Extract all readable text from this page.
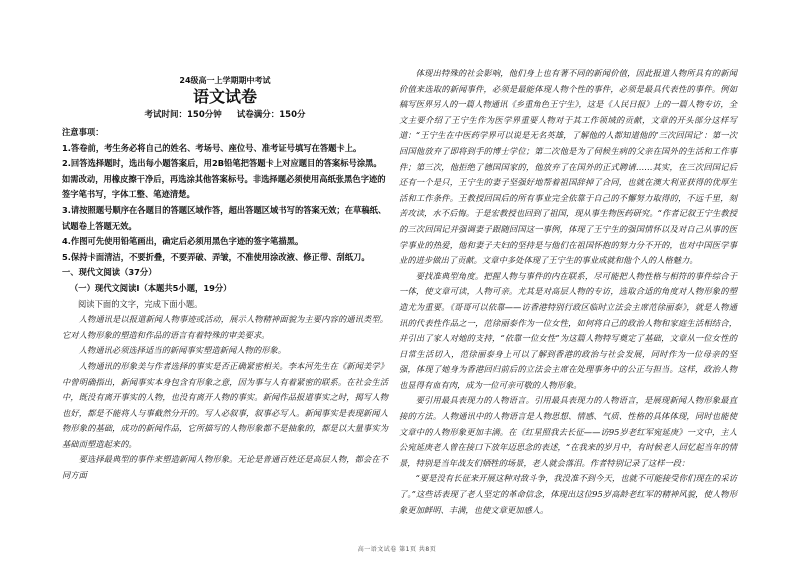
24级高一上学期期中考试
语文试卷
考试时间：150分钟 试卷满分：150分
注意事项：
1.答卷前，考生务必将自己的姓名、考场号、座位号、准考证号填写在答题卡上。
2.回答选择题时，选出每小题答案后，用2B铅笔把答题卡上对应题目的答案标号涂黑。如需改动，用橡皮擦干净后，再选涂其他答案标号。非选择题必须使用高纸张黑色字迹的签字笔书写，字体工整、笔迹清楚。
3.请按照题号顺序在各题目的答题区域作答，超出答题区域书写的答案无效；在草稿纸、试题卷上答题无效。
4.作图可先使用铅笔画出，确定后必须用黑色字迹的签字笔描黑。
5.保持卡面清洁，不要折叠，不要弄破、弄皱，不准使用涂改液、修正带、刮纸刀。
一、现代文阅读（37分）
（一）现代文阅读Ⅰ（本题共5小题，19分）
阅读下面的文字，完成下面小题。

人物通讯是以报道新闻人物事迹或活动，展示人物精神面貌为主要内容的通讯类型。它对人物形象的塑造和作品的语言有着特殊的审美要求。

人物通讯必须选择适当的新闻事实塑造新闻人物的形象。

人物通讯的形象美与作者选择的事实是否正确紧密相关。李本河先生在《新闻美学》中曾明确指出，新闻事实本身包含有形象之意，因为事与人有着紧密的联系。在社会生活中，既没有离开事实的人物，也没有离开人物的事实。新闻作品报道事实之时，揭写人物也好，都是不能将人与事截然分开的。写人必叙事，叙事必写人。新闻事实是表现新闻人物形象的基础，成功的新闻作品，它所描写的人物形象都不是抽象的，都是以大量事实为基础而塑造起来的。

要选择最典型的事件来塑造新闻人物形象。无论是普通百姓还是高层人物，都会在不同方面

体现出特殊的社会影响，他们身上也有著不同的新闻价值，因此报道人物所具有的新闻价值来选取的新闻事件，必须是最能体现人物个性的事件，必须是最具代表性的事件。例如稿写医界另人的一篇人物通讯《乡重角色王宁生》，这是《人民日报》上的一篇人物专访，全文主要介绍了王宁生作为医学界重要人物对于其工作领域的贡献，文章的开头部分这样写道：“王宁生在中医药学界可以说是无名英雄，了解他的人都知道他的‘三次回国记’：第一次回国他放弃了即将到手的博士学位；第二次他是为了伺候生病的父亲在国外的生活和工作事件；第三次，他拒绝了德国国家的，他放弃了在国外的正式聘请……其实，在三次回国记后还有一个是只，王宁生的妻子坚强好地帮着祖国辞掉了合同，也就在澳大利亚获得的优厚生活和工作条件。王教授回国后的所有事业完全依靠于自己的不懈努力取得的，不远千里，刻苦攻读，水不后悔。于是宏教授也回到了祖国，现从事生物医药研究。“作者记叙王宁生教授的三次回国记并强调妻子跟随回国这一事例，体现了王宁生的强国情怀以及对自己从事的医学事业的热爱，他和妻子夫妇的坚持是与他们在祖国怀抱的努力分不开的，也对中国医学事业的进步做出了贡献。文章中多处体现了王宁生的事业成就和他个人的人格魅力。

要找准典型角度。把握人物与事件的内在联系，尽可能把人物性格与相符的事件综合于一体，使文章可读，人物可亲。尤其是对高层人物的专访，选取合适的角度对人物形象的塑造尤为重要。《哥哥可以依靠——访香港特别行政区临时立法会主席范徐丽泰》，就是人物通讯的代表性作品之一，范徐丽泰作为一位女性，如何将自己的政治人物和家庭生活相结合，并引出了家人对她的支持，“依靠一位女性”为这篇人物特写奠定了基础，文章从一位女性的日常生活切入，范徐丽泰身上可以了解到香港的政治与社会发展，同时作为一位母亲的坚强，体现了她身为香港回归前后的立法会主席在处理事务中的公正与担当。这样，政治人物也显得有血有肉，成为一位可亲可敬的人物形象。

要引用最具表现力的人物语言。引用最具表现力的人物语言，是展现新闻人物形象最直接的方法。人物通讯中的人物语言是人物思想、情感、气质、性格的具体体现，同时也能使文章中的人物形象更加丰满。在《红星照我去长征——访95岁老红军宛延庚》一文中，主人公宛延庚老人曾在接口下放年迈思念的表述，“在我来的岁月中，有时候老人回忆起当年的情景，特别是当年战友们牺牲的场景，老人就会落泪。作者特别记录了这样一段：

“要是没有长征来开展这种对敌斗争，我没准不到今天，也就不可能接受你们现在的采访了。”这些话表现了老人坚定的革命信念，体现出这位95岁高龄老红军的精神风貌，使人物形象更加鲜明、丰满，也使文章更加感人。

高一语文试卷 第1页 共8页
